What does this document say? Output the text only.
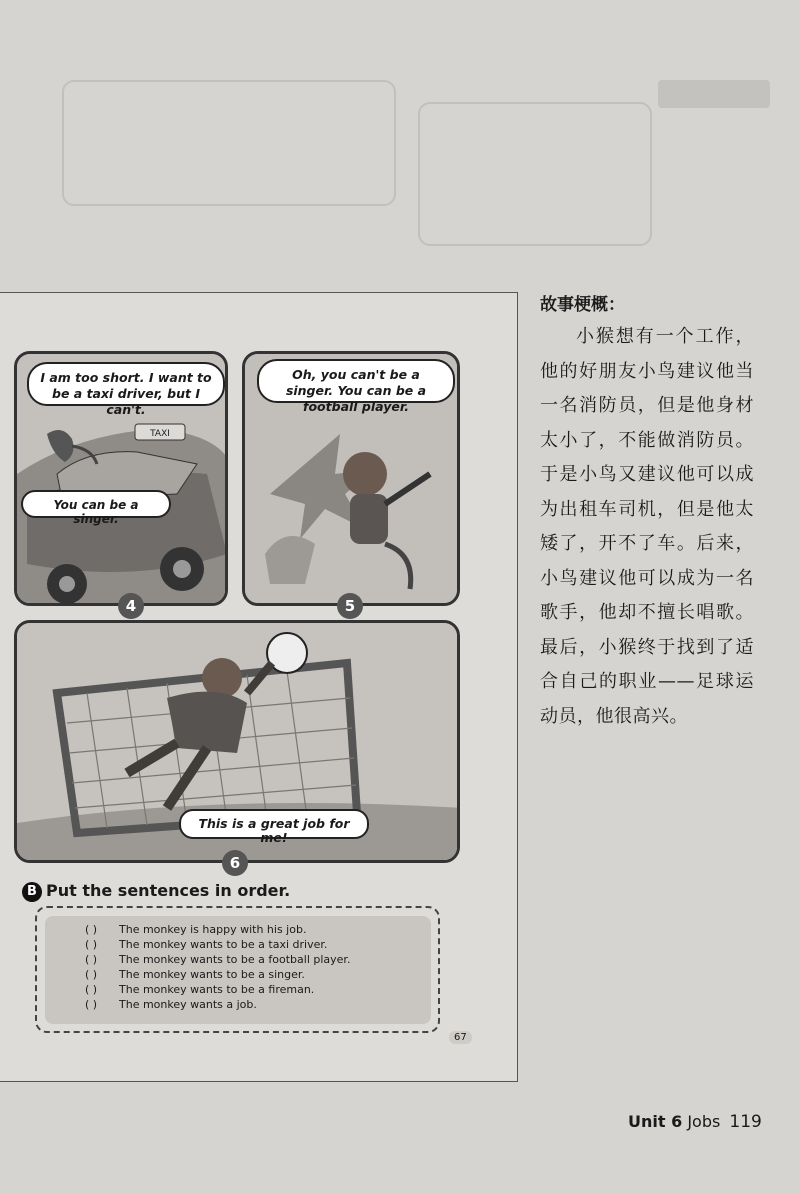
TAXI
I am too short. I want to be a taxi driver, but I can't.
You can be a singer.
4
Oh, you can't be a singer. You can be a football player.
5
This is a great job for me!
6
B Put the sentences in order.
( ) The monkey is happy with his job.
( ) The monkey wants to be a taxi driver.
( ) The monkey wants to be a football player.
( ) The monkey wants to be a singer.
( ) The monkey wants to be a fireman.
( ) The monkey wants a job.
67
故事梗概：
小猴想有一个工作，他的好朋友小鸟建议他当一名消防员，但是他身材太小了，不能做消防员。于是小鸟又建议他可以成为出租车司机，但是他太矮了，开不了车。后来，小鸟建议他可以成为一名歌手，他却不擅长唱歌。最后，小猴终于找到了适合自己的职业——足球运动员，他很高兴。
Unit 6 Jobs 119
